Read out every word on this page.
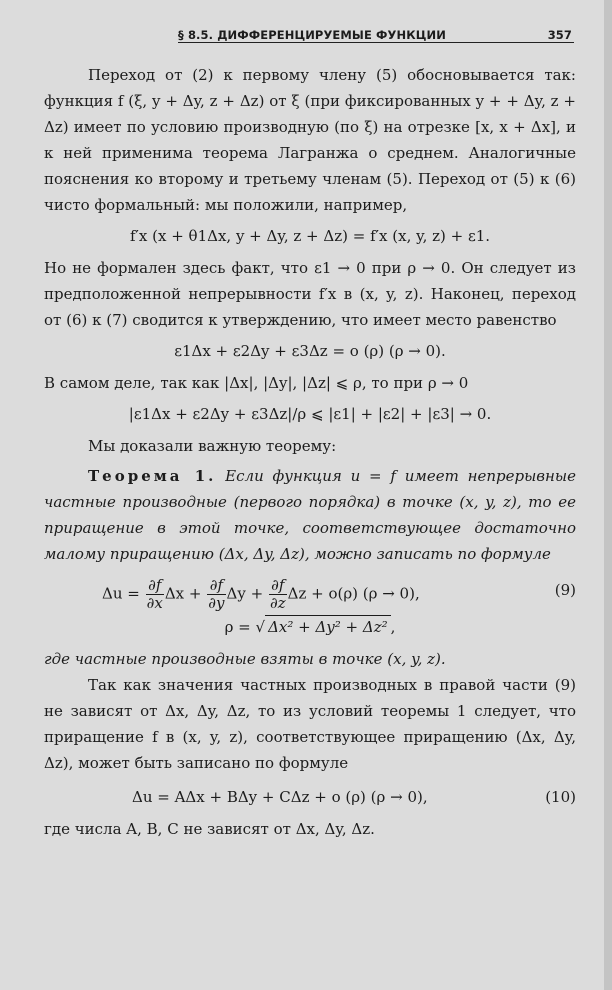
§ 8.5. ДИФФЕРЕНЦИРУЕМЫЕ ФУНКЦИИ	357

Переход от (2) к первому члену (5) обосновывается так: функция f (ξ, y + Δy, z + Δz) от ξ (при фиксированных y + + Δy, z + Δz) имеет по условию производную (по ξ) на отрезке [x, x + Δx], и к ней применима теорема Лагранжа о среднем. Аналогичные пояснения ко второму и третьему членам (5). Переход от (5) к (6) чисто формальный: мы положили, например,

f′x (x + θ1Δx, y + Δy, z + Δz) = f′x (x, y, z) + ε1.

Но не формален здесь факт, что ε1 → 0 при ρ → 0. Он следует из предположенной непрерывности f′x в (x, y, z). Наконец, переход от (6) к (7) сводится к утверждению, что имеет место равенство

ε1Δx + ε2Δy + ε3Δz = o (ρ) (ρ → 0).

В самом деле, так как |Δx|, |Δy|, |Δz| ⩽ ρ, то при ρ → 0

|ε1Δx + ε2Δy + ε3Δz|/ρ ⩽ |ε1| + |ε2| + |ε3| → 0.

Мы доказали важную теорему:

Теорема 1. Если функция u = f имеет непрерывные частные производные (первого порядка) в точке (x, y, z), то ее приращение в этой точке, соответствующее достаточно малому приращению (Δx, Δy, Δz), можно записать по формуле

$\Delta u = \frac{\partial f}{\partial x}$ $\Delta x + \frac{\partial f}{\partial y}$ $\Delta y + \frac{\partial f}{\partial z}$ Δz + o(ρ) (ρ → 0),	(9)

ρ = √ Δx² + Δy² + Δz² ,

где частные производные взяты в точке (x, y, z).

Так как значения частных производных в правой части (9) не зависят от Δx, Δy, Δz, то из условий теоремы 1 следует, что приращение f в (x, y, z), соответствующее приращению (Δx, Δy, Δz), может быть записано по формуле

Δu = AΔx + BΔy + CΔz + o (ρ) (ρ → 0),	(10)

где числа A, B, C не зависят от Δx, Δy, Δz.
